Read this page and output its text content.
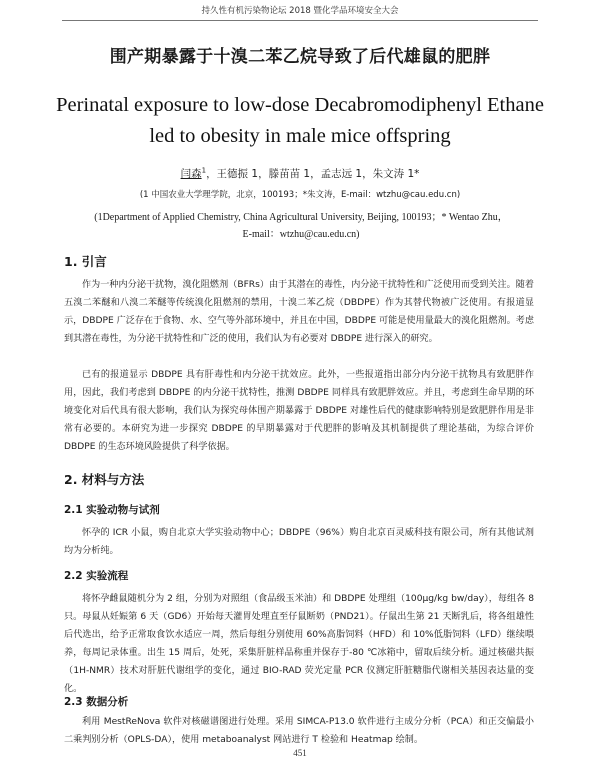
持久性有机污染物论坛 2018 暨化学品环境安全大会
围产期暴露于十溴二苯乙烷导致了后代雄鼠的肥胖
Perinatal exposure to low-dose Decabromodiphenyl Ethane
led to obesity in male mice offspring
闫森$^1$，王德振 1，滕苗苗 1，孟志远 1，朱文涛 1*
(1 中国农业大学理学院，北京，100193；*朱文涛，E-mail：wtzhu@cau.edu.cn)
(1Department of Applied Chemistry, China Agricultural University, Beijing, 100193；* Wentao Zhu，
E-mail：wtzhu@cau.edu.cn)
1. 引言
作为一种内分泌干扰物，溴化阻燃剂（BFRs）由于其潜在的毒性，内分泌干扰特性和广泛使用而受到关注。随着五溴二苯醚和八溴二苯醚等传统溴化阻燃剂的禁用，十溴二苯乙烷（DBDPE）作为其替代物被广泛使用。有报道显示，DBDPE 广泛存在于食物、水、空气等外部环境中，并且在中国，DBDPE 可能是使用量最大的溴化阻燃剂。考虑到其潜在毒性，为分泌干扰特性和广泛的使用，我们认为有必要对 DBDPE 进行深入的研究。
已有的报道显示 DBDPE 具有肝毒性和内分泌干扰效应。此外，一些报道指出部分内分泌干扰物具有致肥胖作用，因此，我们考虑到 DBDPE 的内分泌干扰特性，推测 DBDPE 同样具有致肥胖效应。并且，考虑到生命早期的环境变化对后代具有很大影响，我们认为探究母体围产期暴露于 DBDPE 对雄性后代的健康影响特别是致肥胖作用是非常有必要的。本研究为进一步探究 DBDPE 的早期暴露对于代肥胖的影响及其机制提供了理论基础，为综合评价 DBDPE 的生态环境风险提供了科学依据。
2. 材料与方法
2.1 实验动物与试剂
怀孕的 ICR 小鼠，购自北京大学实验动物中心；DBDPE（96%）购自北京百灵威科技有限公司，所有其他试剂均为分析纯。
2.2 实验流程
将怀孕雌鼠随机分为 2 组，分别为对照组（食品级玉米油）和 DBDPE 处理组（100μg/kg bw/day），每组各 8 只。母鼠从妊娠第 6 天（GD6）开始每天灌胃处理直至仔鼠断奶（PND21）。仔鼠出生第 21 天断乳后，将各组雄性后代选出，给予正常取食饮水适应一周，然后每组分别使用 60%高脂饲料（HFD）和 10%低脂饲料（LFD）继续喂养，每周记录体重。出生 15 周后，处死，采集肝脏样品称重并保存于-80 ℃冰箱中，留取后续分析。通过核磁共振（1H-NMR）技术对肝脏代谢组学的变化，通过 BIO-RAD 荧光定量 PCR 仪测定肝脏糖脂代谢相关基因表达量的变化。
2.3 数据分析
利用 MestReNova 软件对核磁谱图进行处理。采用 SIMCA-P13.0 软件进行主成分分析（PCA）和正交偏最小二乘判别分析（OPLS-DA），使用 metaboanalyst 网站进行 T 检验和 Heatmap 绘制。
451
